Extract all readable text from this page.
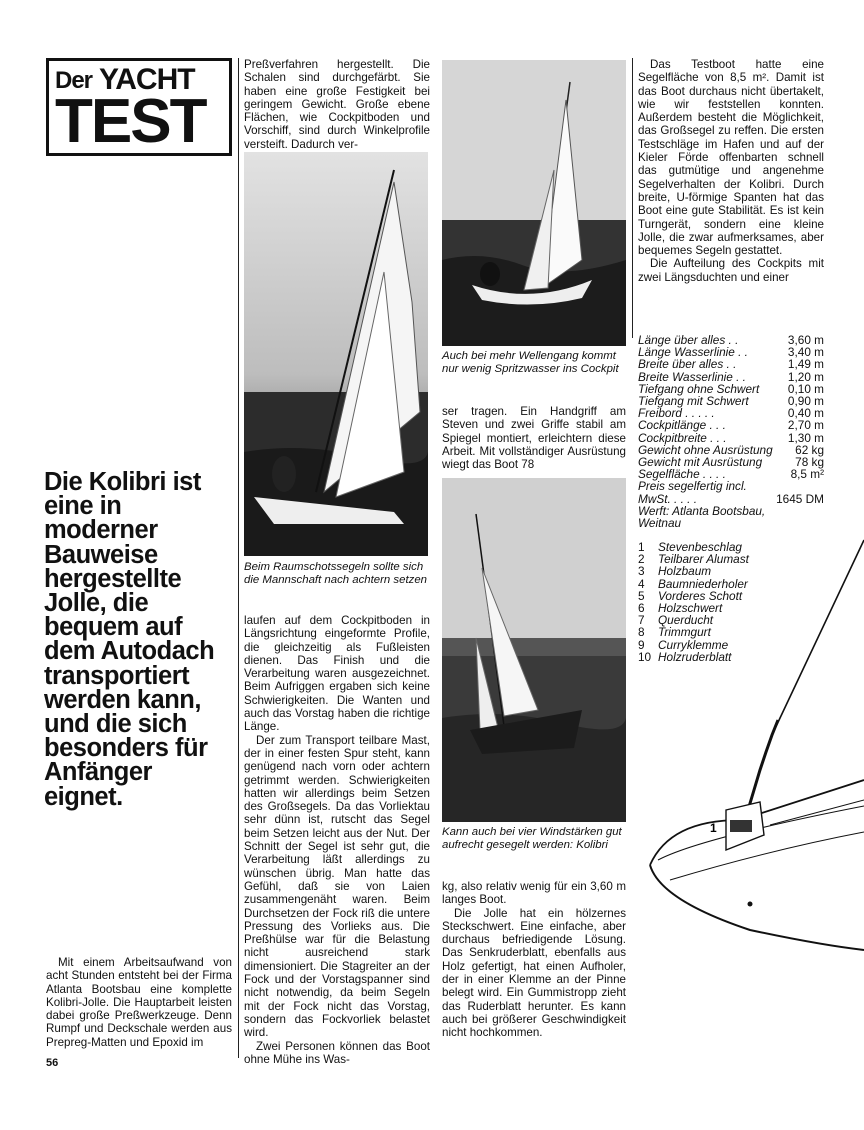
Der YACHT
TEST
Die Kolibri ist eine in moderner Bauweise hergestellte Jolle, die bequem auf dem Autodach transportiert werden kann, und die sich besonders für Anfänger eignet.

Mit einem Arbeitsaufwand von acht Stunden entsteht bei der Firma Atlanta Bootsbau eine komplette Kolibri-Jolle. Die Hauptarbeit leisten dabei große Preßwerkzeuge. Denn Rumpf und Deckschale werden aus Prepreg-Matten und Epoxid im

Preßverfahren hergestellt. Die Schalen sind durchgefärbt. Sie haben eine große Festigkeit bei geringem Gewicht. Große ebene Flächen, wie Cockpitboden und Vorschiff, sind durch Winkelprofile versteift. Dadurch ver-

Beim Raumschotssegeln sollte sich die Mannschaft nach achtern setzen

laufen auf dem Cockpitboden in Längsrichtung eingeformte Profile, die gleichzeitig als Fußleisten dienen. Das Finish und die Verarbeitung waren ausgezeichnet. Beim Aufriggen ergaben sich keine Schwierigkeiten. Die Wanten und auch das Vorstag haben die richtige Länge.

Der zum Transport teilbare Mast, der in einer festen Spur steht, kann genügend nach vorn oder achtern getrimmt werden. Schwierigkeiten hatten wir allerdings beim Setzen des Großsegels. Da das Vorliektau sehr dünn ist, rutscht das Segel beim Setzen leicht aus der Nut. Der Schnitt der Segel ist sehr gut, die Verarbeitung läßt allerdings zu wünschen übrig. Man hatte das Gefühl, daß sie von Laien zusammengenäht waren. Beim Durchsetzen der Fock riß die untere Pressung des Vorlieks aus. Die Preßhülse war für die Belastung nicht ausreichend stark dimensioniert. Die Stagreiter an der Fock und der Vorstagspanner sind nicht notwendig, da beim Segeln mit der Fock nicht das Vorstag, sondern das Fockvorliek belastet wird.

Zwei Personen können das Boot ohne Mühe ins Was-

Auch bei mehr Wellengang kommt nur wenig Spritzwasser ins Cockpit

ser tragen. Ein Handgriff am Steven und zwei Griffe stabil am Spiegel montiert, erleichtern diese Arbeit. Mit vollständiger Ausrüstung wiegt das Boot 78

Kann auch bei vier Windstärken gut aufrecht gesegelt werden: Kolibri

kg, also relativ wenig für ein 3,60 m langes Boot.

Die Jolle hat ein hölzernes Steckschwert. Eine einfache, aber durchaus befriedigende Lösung. Das Senkruderblatt, ebenfalls aus Holz gefertigt, hat einen Aufholer, der in einer Klemme an der Pinne belegt wird. Ein Gummistropp zieht das Ruderblatt herunter. Es kann auch bei größerer Geschwindigkeit nicht hochkommen.

Das Testboot hatte eine Segelfläche von 8,5 m². Damit ist das Boot durchaus nicht übertakelt, wie wir feststellen konnten. Außerdem besteht die Möglichkeit, das Großsegel zu reffen. Die ersten Testschläge im Hafen und auf der Kieler Förde offenbarten schnell das gutmütige und angenehme Segelverhalten der Kolibri. Durch breite, U-förmige Spanten hat das Boot eine gute Stabilität. Es ist kein Turngerät, sondern eine kleine Jolle, die zwar aufmerksames, aber bequemes Segeln gestattet.

Die Aufteilung des Cockpits mit zwei Längsduchten und einer

Länge über alles . .	3,60 m
Länge Wasserlinie . .	3,40 m
Breite über alles . .	1,49 m
Breite Wasserlinie . .	1,20 m
Tiefgang ohne Schwert 0,10 m
Tiefgang mit Schwert	0,90 m
Freibord . . . . .	0,40 m
Cockpitlänge . . .	2,70 m
Cockpitbreite . . .	1,30 m
Gewicht ohne Ausrüstung 62 kg
Gewicht mit Ausrüstung	78 kg
Segelfläche . . . .	8,5 m²
Preis segelfertig incl.
MwSt. . . . .	1645 DM
Werft: Atlanta Bootsbau,
Weitnau
1	Stevenbeschlag
2	Teilbarer Alumast
3	Holzbaum
4	Baumniederholer
5	Vorderes Schott
6	Holzschwert
7	Querducht
8	Trimmgurt
9	Curryklemme
10 Holzruderblatt
1
56
